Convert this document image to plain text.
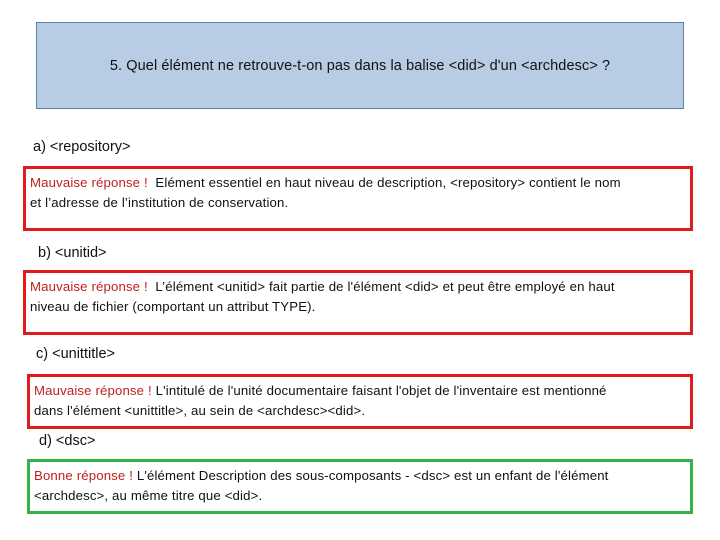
5. Quel élément ne retrouve-t-on pas dans la balise <did> d'un <archdesc> ?
a) <repository>
Mauvaise réponse !  Elément essentiel en haut niveau de description, <repository> contient le nom
et l’adresse de l’institution de conservation.
b) <unitid>
Mauvaise réponse !  L’élément <unitid> fait partie de l'élément <did> et peut être employé en haut
niveau de fichier (comportant un attribut TYPE).
c) <unittitle>
Mauvaise réponse ! L'intitulé de l'unité documentaire faisant l'objet de l'inventaire est mentionné
dans l'élément <unittitle>, au sein de <archdesc><did>.
d) <dsc>
Bonne réponse ! L'élément Description des sous-composants - <dsc> est un enfant de l'élément
<archdesc>, au même titre que <did>.
